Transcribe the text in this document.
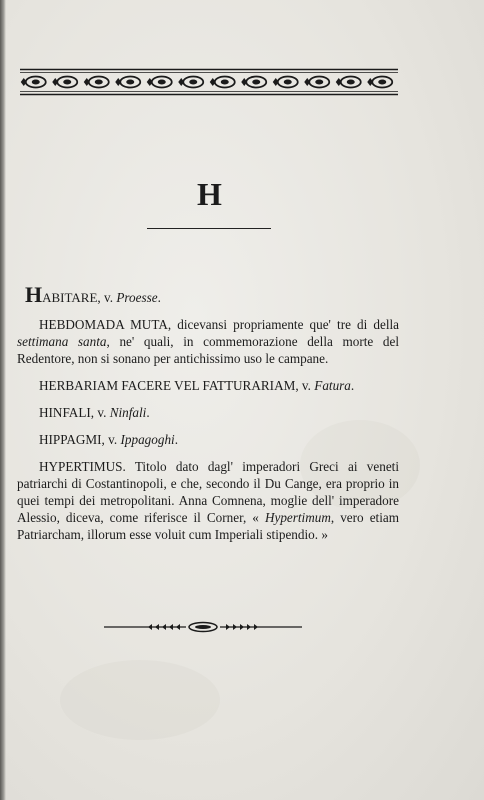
H

HABITARE, v. Proesse.

HEBDOMADA MUTA, dicevansi propriamente que' tre di della settimana santa, ne' quali, in commemorazione della morte del Redentore, non si sonano per antichissimo uso le campane.

HERBARIAM FACERE VEL FATTURARIAM, v. Fatura.

HINFALI, v. Ninfali.

HIPPAGMI, v. Ippagoghi.

HYPERTIMUS. Titolo dato dagl' imperadori Greci ai veneti patriarchi di Costantinopoli, e che, secondo il Du Cange, era proprio in quei tempi dei metropolitani. Anna Comnena, moglie dell' imperadore Alessio, diceva, come riferisce il Corner, « Hypertimum, vero etiam Patriarcham, illorum esse voluit cum Imperiali stipendio. »
